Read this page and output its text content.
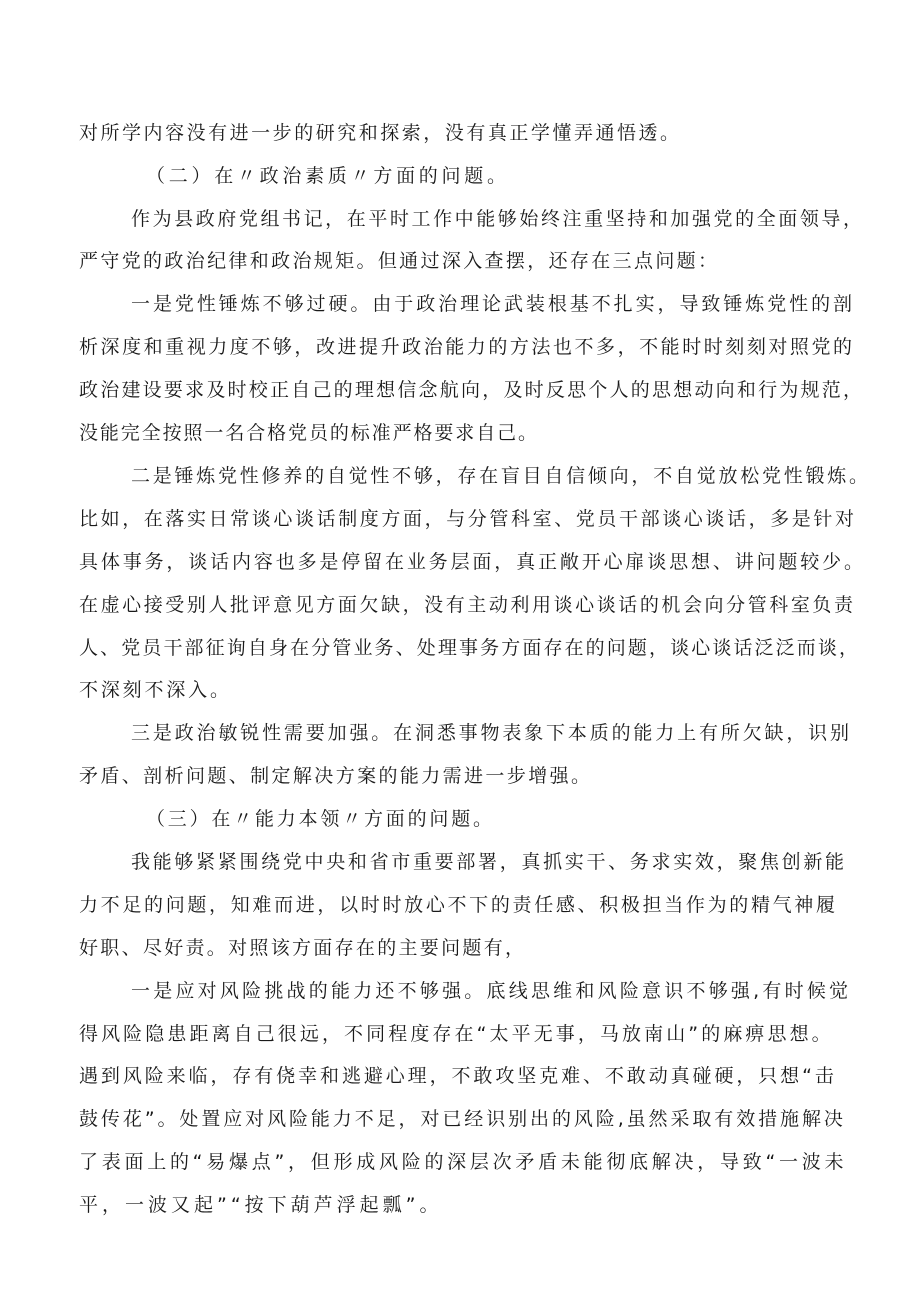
对所学内容没有进一步的研究和探索，没有真正学懂弄通悟透。
（二）在〃政治素质〃方面的问题。
作为县政府党组书记，在平时工作中能够始终注重坚持和加强党的全面领导，
严守党的政治纪律和政治规矩。但通过深入查摆，还存在三点问题：
一是党性锤炼不够过硬。由于政治理论武装根基不扎实，导致锤炼党性的剖
析深度和重视力度不够，改进提升政治能力的方法也不多，不能时时刻刻对照党的
政治建设要求及时校正自己的理想信念航向，及时反思个人的思想动向和行为规范，
没能完全按照一名合格党员的标准严格要求自己。
二是锤炼党性修养的自觉性不够，存在盲目自信倾向，不自觉放松党性锻炼。
比如，在落实日常谈心谈话制度方面，与分管科室、党员干部谈心谈话，多是针对
具体事务，谈话内容也多是停留在业务层面，真正敞开心扉谈思想、讲问题较少。
在虚心接受别人批评意见方面欠缺，没有主动利用谈心谈话的机会向分管科室负责
人、党员干部征询自身在分管业务、处理事务方面存在的问题，谈心谈话泛泛而谈，
不深刻不深入。
三是政治敏锐性需要加强。在洞悉事物表象下本质的能力上有所欠缺，识别
矛盾、剖析问题、制定解决方案的能力需进一步增强。
（三）在〃能力本领〃方面的问题。
我能够紧紧围绕党中央和省市重要部署，真抓实干、务求实效，聚焦创新能
力不足的问题，知难而进，以时时放心不下的责任感、积极担当作为的精气神履
好职、尽好责。对照该方面存在的主要问题有，
一是应对风险挑战的能力还不够强。底线思维和风险意识不够强,有时候觉
得风险隐患距离自己很远，不同程度存在“太平无事，马放南山”的麻痹思想。
遇到风险来临，存有侥幸和逃避心理，不敢攻坚克难、不敢动真碰硬，只想“击
鼓传花”。处置应对风险能力不足，对已经识别出的风险,虽然采取有效措施解决
了表面上的“易爆点”，但形成风险的深层次矛盾未能彻底解决，导致“一波未
平，一波又起”“按下葫芦浮起瓢”。
